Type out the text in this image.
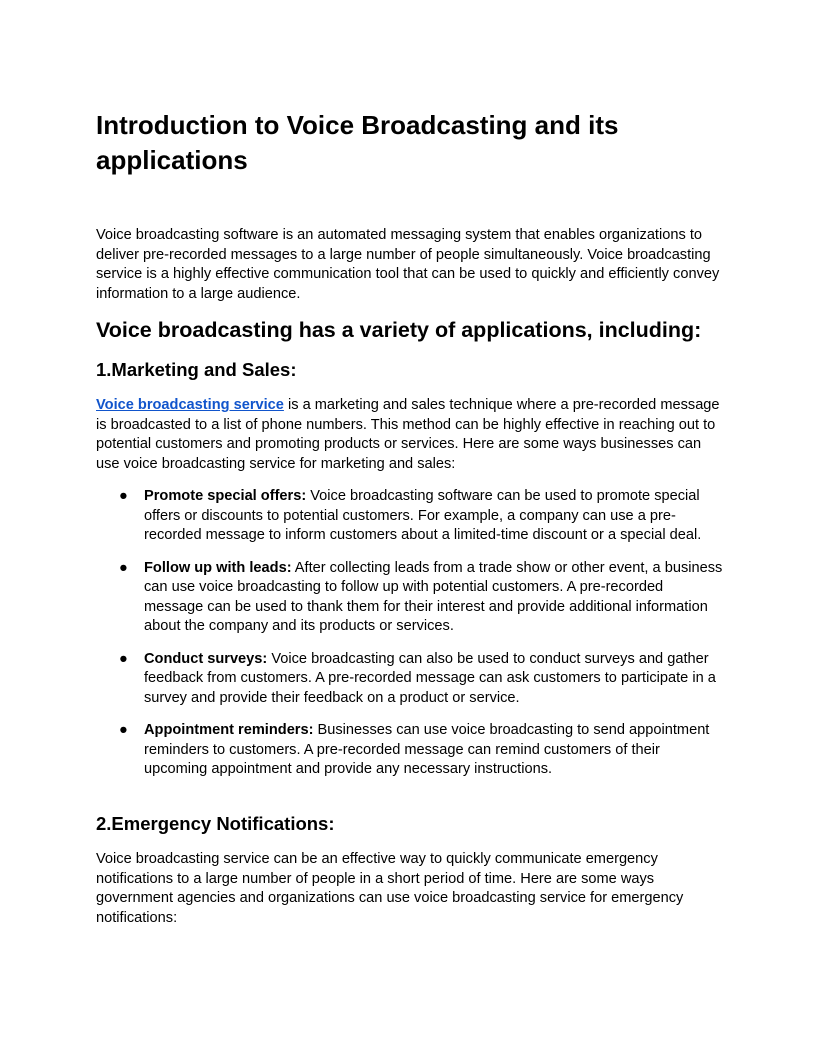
Introduction to Voice Broadcasting and its applications

Voice broadcasting software is an automated messaging system that enables organizations to deliver pre-recorded messages to a large number of people simultaneously. Voice broadcasting service is a highly effective communication tool that can be used to quickly and efficiently convey information to a large audience.

Voice broadcasting has a variety of applications, including:
1.Marketing and Sales:

Voice broadcasting service is a marketing and sales technique where a pre-recorded message is broadcasted to a list of phone numbers. This method can be highly effective in reaching out to potential customers and promoting products or services. Here are some ways businesses can use voice broadcasting service for marketing and sales:

● Promote special offers: Voice broadcasting software can be used to promote special offers or discounts to potential customers. For example, a company can use a pre-recorded message to inform customers about a limited-time discount or a special deal.
● Follow up with leads: After collecting leads from a trade show or other event, a business can use voice broadcasting to follow up with potential customers. A pre-recorded message can be used to thank them for their interest and provide additional information about the company and its products or services.
● Conduct surveys: Voice broadcasting can also be used to conduct surveys and gather feedback from customers. A pre-recorded message can ask customers to participate in a survey and provide their feedback on a product or service.
● Appointment reminders: Businesses can use voice broadcasting to send appointment reminders to customers. A pre-recorded message can remind customers of their upcoming appointment and provide any necessary instructions.
2.Emergency Notifications:

Voice broadcasting service can be an effective way to quickly communicate emergency notifications to a large number of people in a short period of time. Here are some ways government agencies and organizations can use voice broadcasting service for emergency notifications:
